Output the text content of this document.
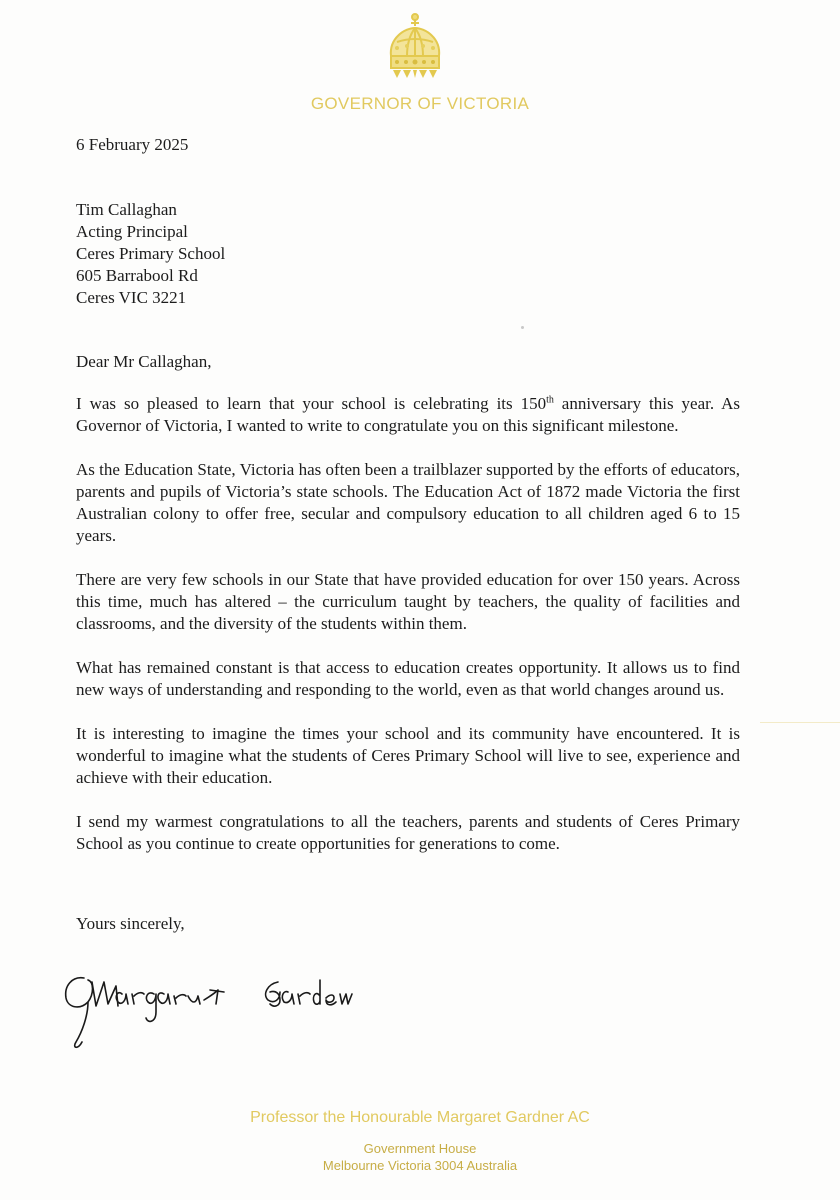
GOVERNOR OF VICTORIA
6 February 2025
Tim Callaghan
Acting Principal
Ceres Primary School
605 Barrabool Rd
Ceres VIC 3221
Dear Mr Callaghan,

I was so pleased to learn that your school is celebrating its 150th anniversary this year. As Governor of Victoria, I wanted to write to congratulate you on this significant milestone.

As the Education State, Victoria has often been a trailblazer supported by the efforts of educators, parents and pupils of Victoria’s state schools. The Education Act of 1872 made Victoria the first Australian colony to offer free, secular and compulsory education to all children aged 6 to 15 years.

There are very few schools in our State that have provided education for over 150 years. Across this time, much has altered – the curriculum taught by teachers, the quality of facilities and classrooms, and the diversity of the students within them.

What has remained constant is that access to education creates opportunity. It allows us to find new ways of understanding and responding to the world, even as that world changes around us.

It is interesting to imagine the times your school and its community have encountered. It is wonderful to imagine what the students of Ceres Primary School will live to see, experience and achieve with their education.

I send my warmest congratulations to all the teachers, parents and students of Ceres Primary School as you continue to create opportunities for generations to come.

Yours sincerely,
Professor the Honourable Margaret Gardner AC
Government House
Melbourne Victoria 3004 Australia
